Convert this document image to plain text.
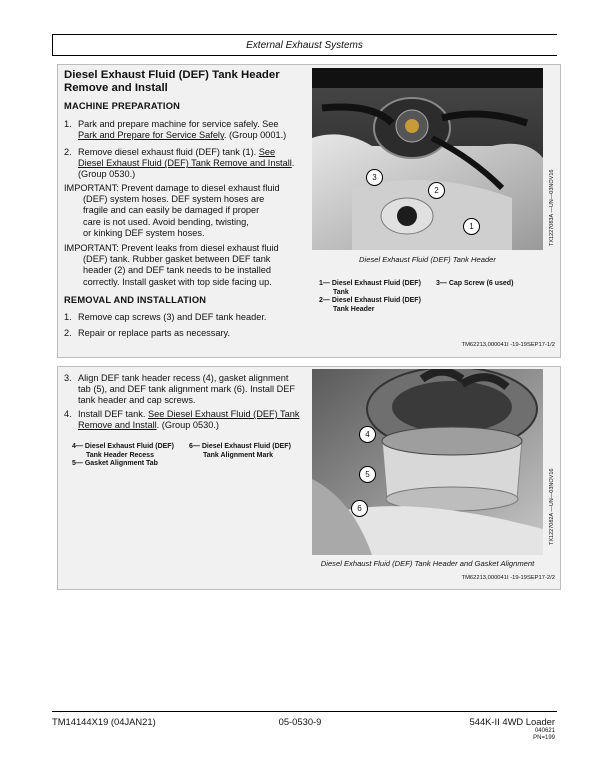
External Exhaust Systems
Diesel Exhaust Fluid (DEF) Tank Header
Remove and Install
MACHINE PREPARATION
1. Park and prepare machine for service safely. See
Park and Prepare for Service Safely. (Group 0001.)
2. Remove diesel exhaust fluid (DEF) tank (1). See
Diesel Exhaust Fluid (DEF) Tank Remove and Install.
(Group 0530.)
IMPORTANT: Prevent damage to diesel exhaust fluid
(DEF) system hoses. DEF system hoses are
fragile and can easily be damaged if proper
care is not used. Avoid bending, twisting,
or kinking DEF system hoses.
IMPORTANT: Prevent leaks from diesel exhaust fluid
(DEF) tank. Rubber gasket between DEF tank
header (2) and DEF tank needs to be installed
correctly. Install gasket with top side facing up.
REMOVAL AND INSTALLATION
1. Remove cap screws (3) and DEF tank header.
2. Repair or replace parts as necessary.
1
2
3	TX1227083A —UN—03NOV16
Diesel Exhaust Fluid (DEF) Tank Header
1— Diesel Exhaust Fluid (DEF)
Tank
2— Diesel Exhaust Fluid (DEF)
Tank Header
3— Cap Screw (6 used)
TM62213,000041I -19-19SEP17-1/2
3. Align DEF tank header recess (4), gasket alignment
tab (5), and DEF tank alignment mark (6). Install DEF
tank header and cap screws.
4. Install DEF tank. See Diesel Exhaust Fluid (DEF) Tank
Remove and Install. (Group 0530.)
4— Diesel Exhaust Fluid (DEF)
Tank Header Recess
5— Gasket Alignment Tab
6— Diesel Exhaust Fluid (DEF)
Tank Alignment Mark
4
5
6	TX1227082A —UN—03NOV16
Diesel Exhaust Fluid (DEF) Tank Header and Gasket Alignment
TM62213,000041I -19-19SEP17-2/2
TM14144X19 (04JAN21)	05-0530-9	544K-II 4WD Loader
040621
PN=199
